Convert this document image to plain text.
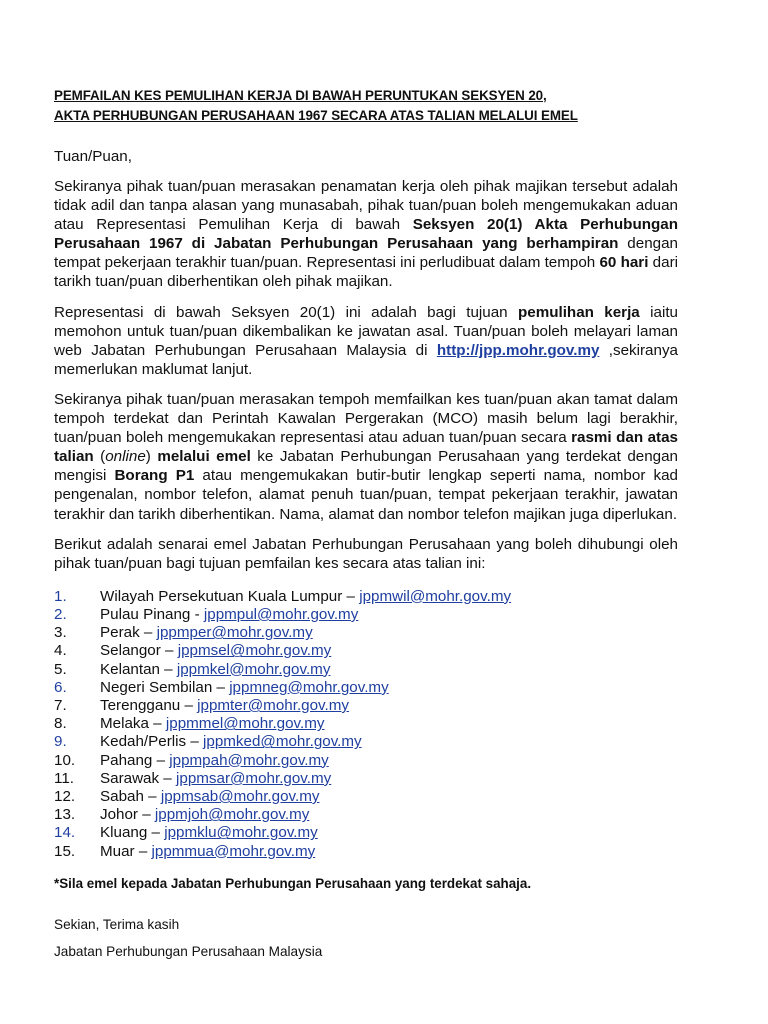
PEMFAILAN KES PEMULIHAN KERJA DI BAWAH PERUNTUKAN SEKSYEN 20,
AKTA PERHUBUNGAN PERUSAHAAN 1967 SECARA ATAS TALIAN MELALUI EMEL
Tuan/Puan,

Sekiranya pihak tuan/puan merasakan penamatan kerja oleh pihak majikan tersebut adalah tidak adil dan tanpa alasan yang munasabah, pihak tuan/puan boleh mengemukakan aduan atau Representasi Pemulihan Kerja di bawah Seksyen 20(1) Akta Perhubungan Perusahaan 1967 di Jabatan Perhubungan Perusahaan yang berhampiran dengan tempat pekerjaan terakhir tuan/puan. Representasi ini perludibuat dalam tempoh 60 hari dari tarikh tuan/puan diberhentikan oleh pihak majikan.

Representasi di bawah Seksyen 20(1) ini adalah bagi tujuan pemulihan kerja iaitu memohon untuk tuan/puan dikembalikan ke jawatan asal. Tuan/puan boleh melayari laman web Jabatan Perhubungan Perusahaan Malaysia di http://jpp.mohr.gov.my ,sekiranya memerlukan maklumat lanjut.

Sekiranya pihak tuan/puan merasakan tempoh memfailkan kes tuan/puan akan tamat dalam tempoh terdekat dan Perintah Kawalan Pergerakan (MCO) masih belum lagi berakhir, tuan/puan boleh mengemukakan representasi atau aduan tuan/puan secara rasmi dan atas talian (online) melalui emel ke Jabatan Perhubungan Perusahaan yang terdekat dengan mengisi Borang P1 atau mengemukakan butir-butir lengkap seperti nama, nombor kad pengenalan, nombor telefon, alamat penuh tuan/puan, tempat pekerjaan terakhir, jawatan terakhir dan tarikh diberhentikan. Nama, alamat dan nombor telefon majikan juga diperlukan.

Berikut adalah senarai emel Jabatan Perhubungan Perusahaan yang boleh dihubungi oleh pihak tuan/puan bagi tujuan pemfailan kes secara atas talian ini:

1.	Wilayah Persekutuan Kuala Lumpur –
jppmwil@mohr.gov.my
2.	Pulau Pinang -
jppmpul@mohr.gov.my
3.	Perak –
jppmper@mohr.gov.my
4.	Selangor –
jppmsel@mohr.gov.my
5.	Kelantan –
jppmkel@mohr.gov.my
6.	Negeri Sembilan –
jppmneg@mohr.gov.my
7.	Terengganu –
jppmter@mohr.gov.my
8.	Melaka –
jppmmel@mohr.gov.my
9.	Kedah/Perlis –
jppmked@mohr.gov.my
10.	Pahang –
jppmpah@mohr.gov.my
11.	Sarawak –
jppmsar@mohr.gov.my
12.	Sabah –
jppmsab@mohr.gov.my
13.	Johor –
jppmjoh@mohr.gov.my
14.	Kluang –
jppmklu@mohr.gov.my
15.	Muar –
jppmmua@mohr.gov.my
*Sila emel kepada Jabatan Perhubungan Perusahaan yang terdekat sahaja.
Sekian, Terima kasih
Jabatan Perhubungan Perusahaan Malaysia
